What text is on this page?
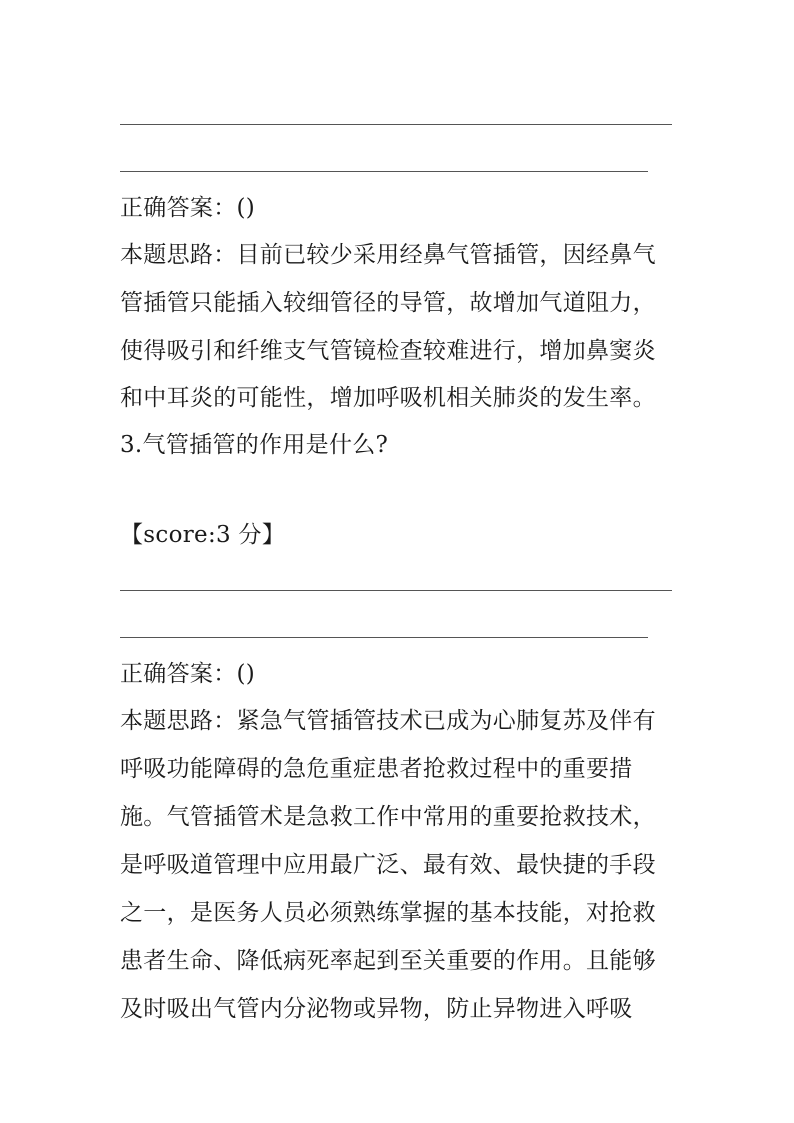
正确答案：()
本题思路：目前已较少采用经鼻气管插管，因经鼻气
管插管只能插入较细管径的导管，故增加气道阻力，
使得吸引和纤维支气管镜检查较难进行，增加鼻窦炎
和中耳炎的可能性，增加呼吸机相关肺炎的发生率。
3.气管插管的作用是什么?
【score:3 分】
正确答案：()
本题思路：紧急气管插管技术已成为心肺复苏及伴有
呼吸功能障碍的急危重症患者抢救过程中的重要措
施。气管插管术是急救工作中常用的重要抢救技术，
是呼吸道管理中应用最广泛、最有效、最快捷的手段
之一，是医务人员必须熟练掌握的基本技能，对抢救
患者生命、降低病死率起到至关重要的作用。且能够
及时吸出气管内分泌物或异物，防止异物进入呼吸
